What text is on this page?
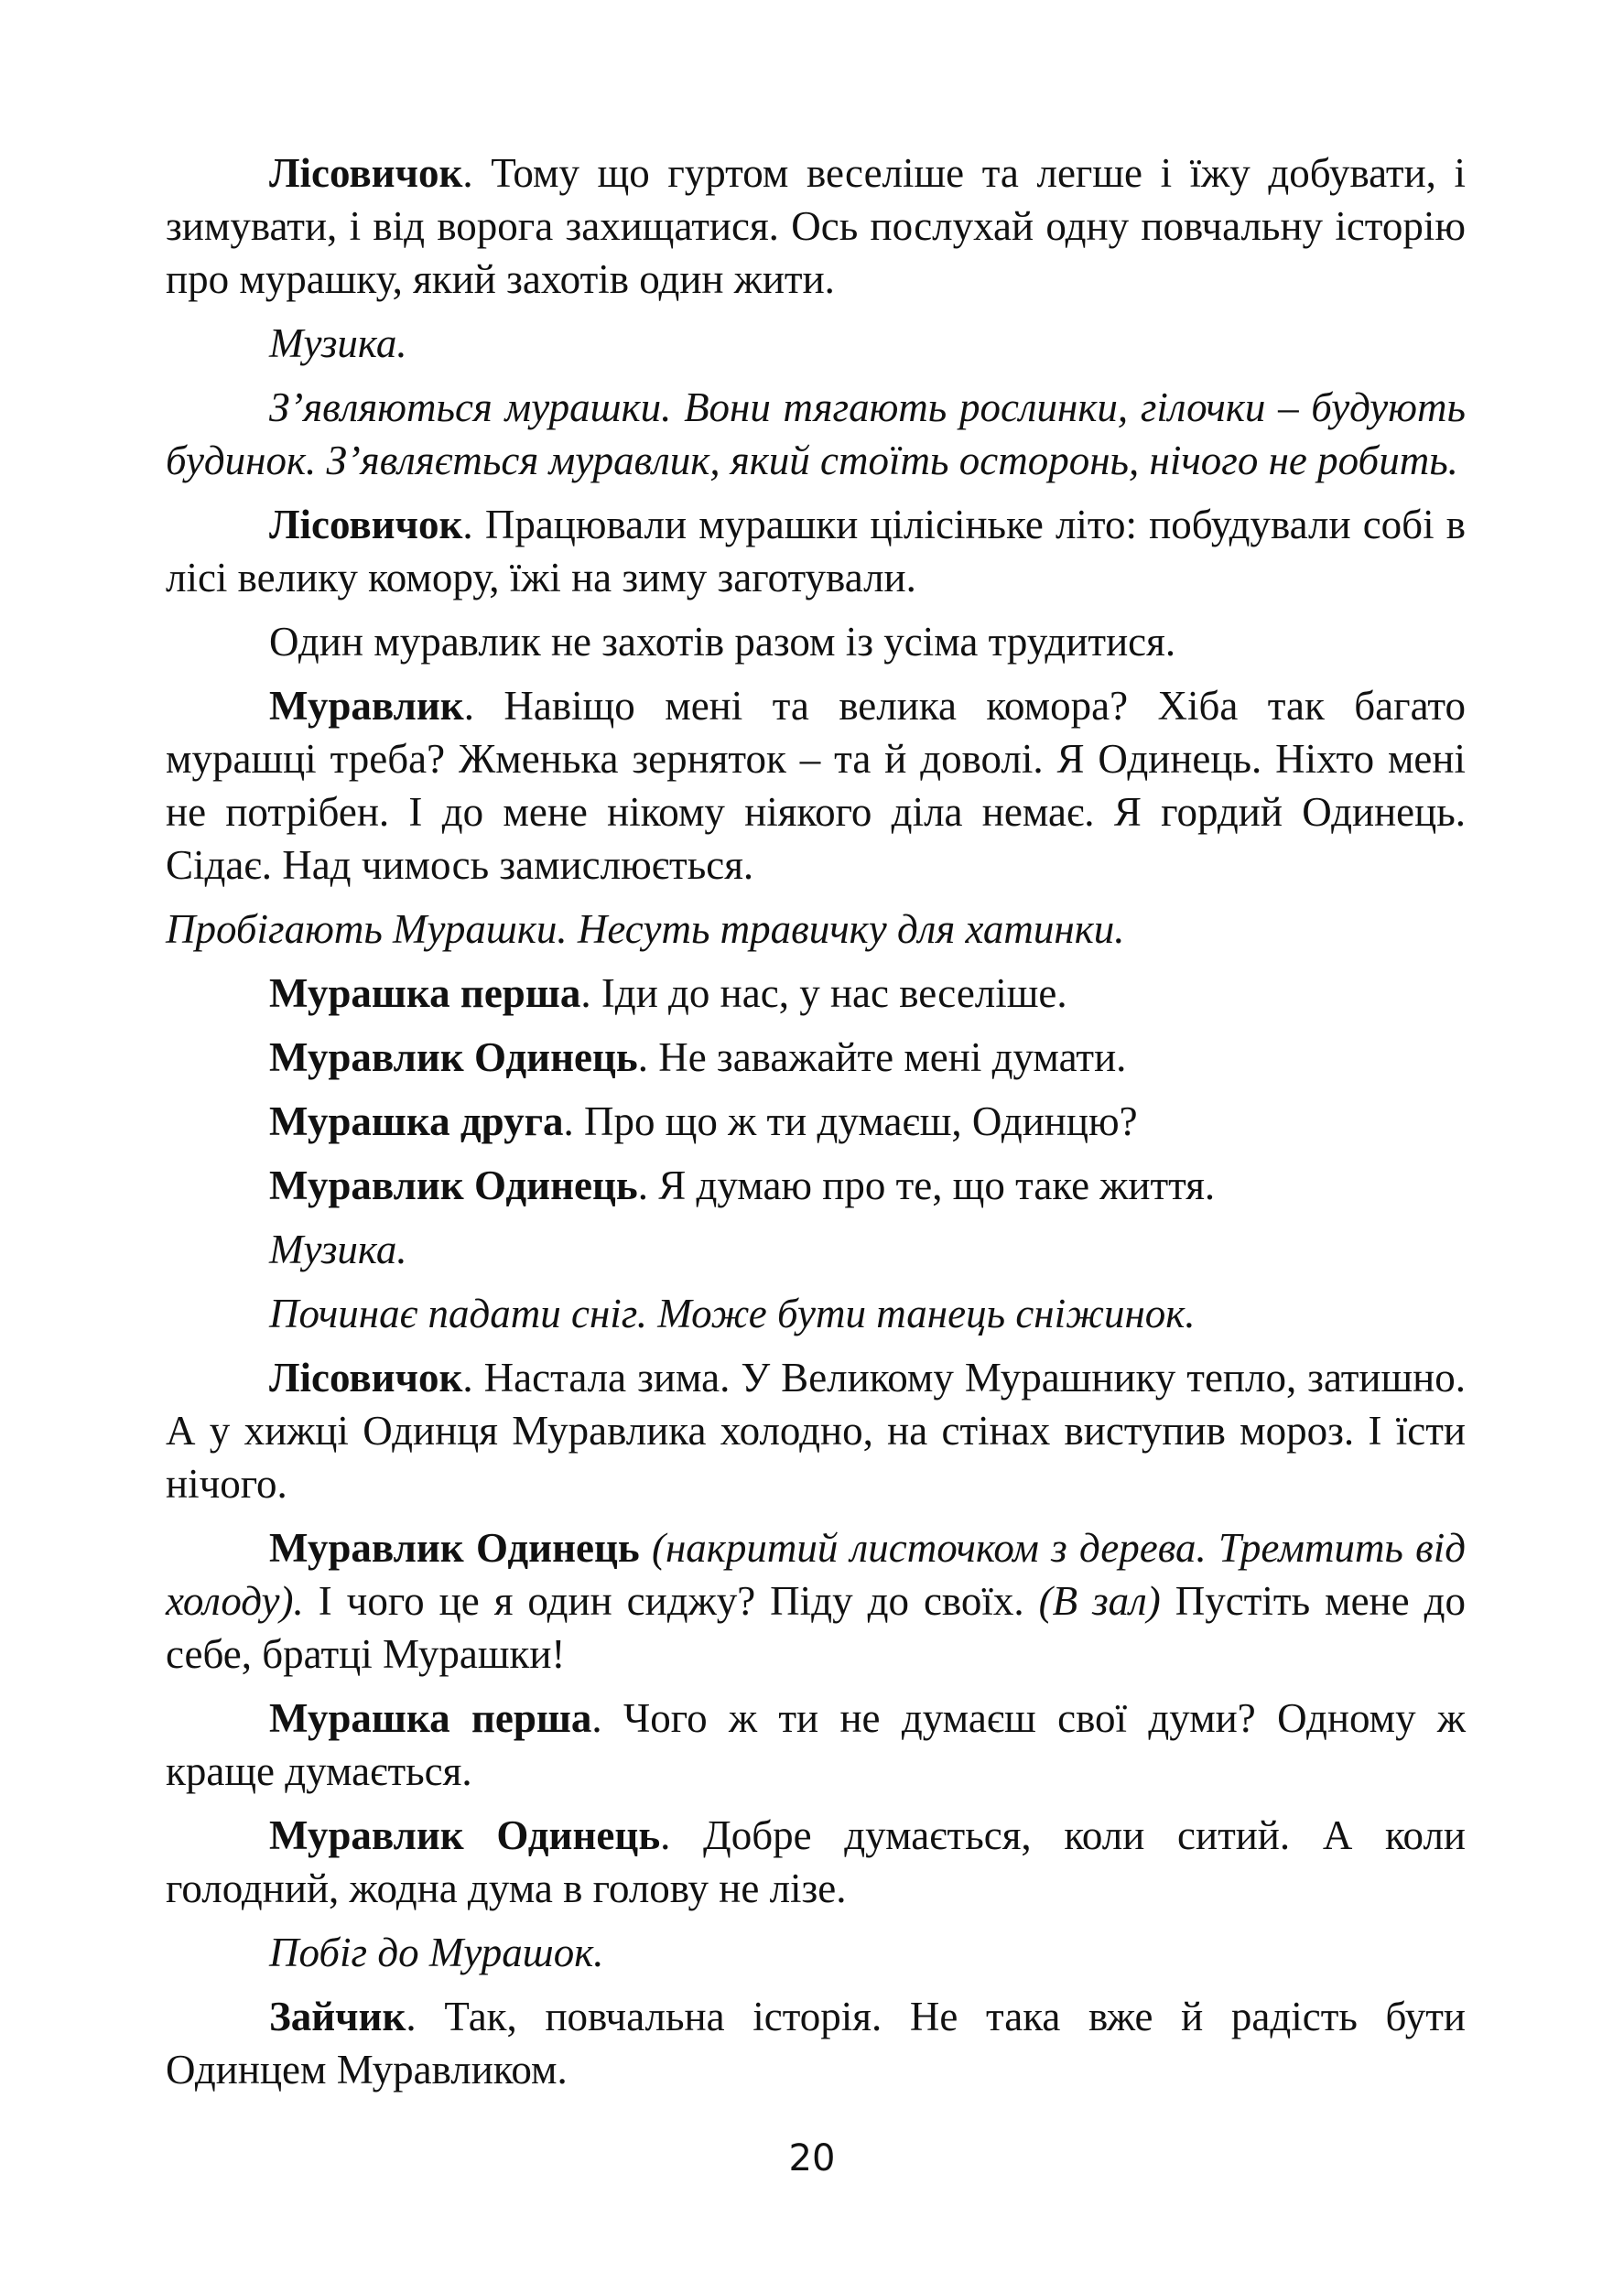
Лісовичок. Тому що гуртом веселіше та легше і їжу добувати, і зимувати, і від ворога захищатися. Ось послухай одну повчальну історію про мурашку, який захотів один жити.

Музика.

З’являються мурашки. Вони тягають рослинки, гілочки – будують будинок. З’являється муравлик, який стоїть осторонь, нічого не робить.

Лісовичок. Працювали мурашки цілісіньке літо: побудували собі в лісі велику комору, їжі на зиму заготували.

Один муравлик не захотів разом із усіма трудитися.

Муравлик. Навіщо мені та велика комора? Хіба так багато мурашці треба? Жменька зерняток – та й доволі. Я Одинець. Ніхто мені не потрібен. І до мене нікому ніякого діла немає. Я гордий Одинець. Сідає. Над чимось замислюється.

Пробігають Мурашки. Несуть травичку для хатинки.

Мурашка перша. Іди до нас, у нас веселіше.

Муравлик Одинець. Не заважайте мені думати.

Мурашка друга. Про що ж ти думаєш, Одинцю?

Муравлик Одинець. Я думаю про те, що таке життя.

Музика.

Починає падати сніг. Може бути танець сніжинок.

Лісовичок. Настала зима. У Великому Мурашнику тепло, затишно. А у хижці Одинця Муравлика холодно, на стінах виступив мороз. І їсти нічого.

Муравлик Одинець (накритий листочком з дерева. Тремтить від холоду). І чого це я один сиджу? Піду до своїх. (В зал) Пустіть мене до себе, братці Мурашки!

Мурашка перша. Чого ж ти не думаєш свої думи? Одному ж краще думається.

Муравлик Одинець. Добре думається, коли ситий. А коли голодний, жодна дума в голову не лізе.

Побіг до Мурашок.

Зайчик. Так, повчальна історія. Не така вже й радість бути Одинцем Муравликом.

20
